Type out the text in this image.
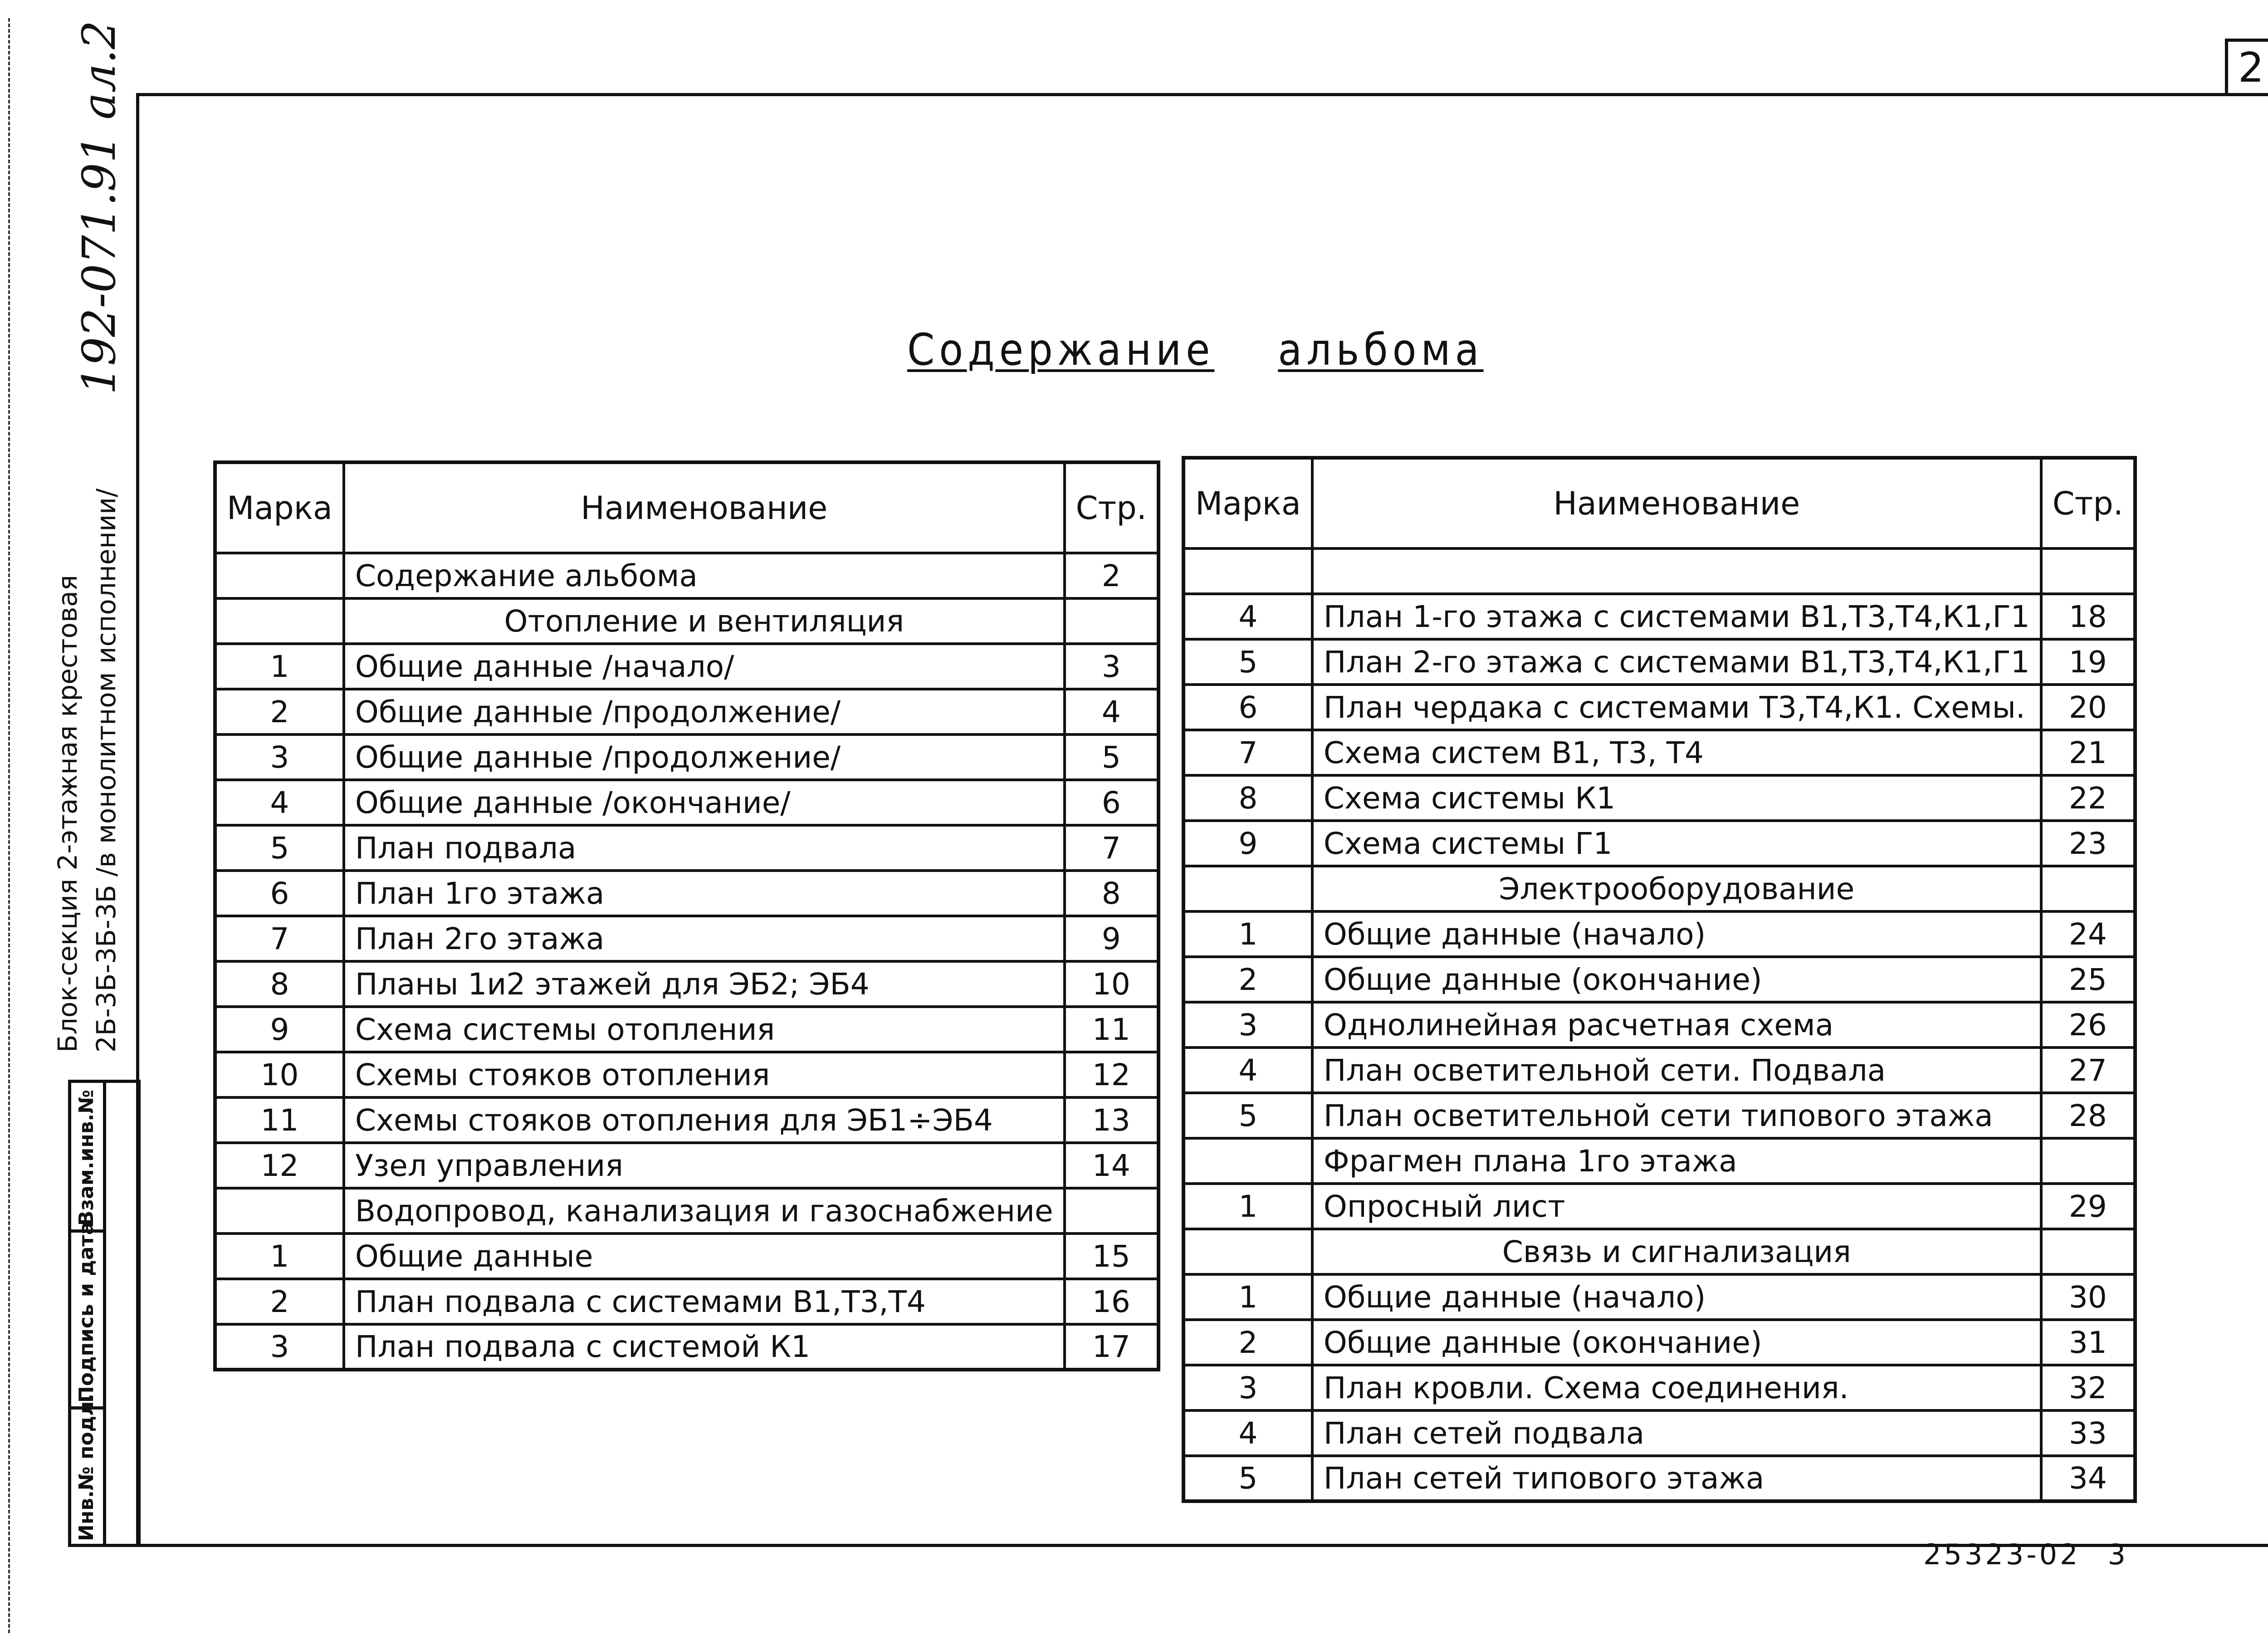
2
192-071.91 ал.2
Блок-секция 2-этажная крестовая 2Б-3Б-3Б-3Б /в монолитном исполнении/
Взам.инв.№
Подпись и дата
Инв.№ подл.
Содержание альбома
Марка	Наименование	Стр.
	Содержание альбома	2
	Отопление и вентиляция	
1	Общие данные /начало/	3
2	Общие данные /продолжение/	4
3	Общие данные /продолжение/	5
4	Общие данные /окончание/	6
5	План подвала	7
6	План 1го этажа	8
7	План 2го этажа	9
8	Планы 1и2 этажей для ЭБ2; ЭБ4	10
9	Схема системы отопления	11
10	Схемы стояков отопления	12
11	Схемы стояков отопления для ЭБ1÷ЭБ4	13
12	Узел управления	14
	Водопровод, канализация и газоснабжение	
1	Общие данные	15
2	План подвала с системами В1,Т3,Т4	16
3	План подвала с системой К1	17
Марка	Наименование	Стр.

4	План 1-го этажа с системами В1,Т3,Т4,К1,Г1	18
5	План 2-го этажа с системами В1,Т3,Т4,К1,Г1	19
6	План чердака с системами Т3,Т4,К1. Схемы.	20
7	Схема систем В1, Т3, Т4	21
8	Схема системы К1	22
9	Схема системы Г1	23
	Электрооборудование	
1	Общие данные (начало)	24
2	Общие данные (окончание)	25
3	Однолинейная расчетная схема	26
4	План осветительной сети. Подвала	27
5	План осветительной сети типового этажа	28
	Фрагмен плана 1го этажа	
1	Опросный лист	29
	Связь и сигнализация	
1	Общие данные (начало)	30
2	Общие данные (окончание)	31
3	План кровли. Схема соединения.	32
4	План сетей подвала	33
5	План сетей типового этажа	34
25323-02 3
